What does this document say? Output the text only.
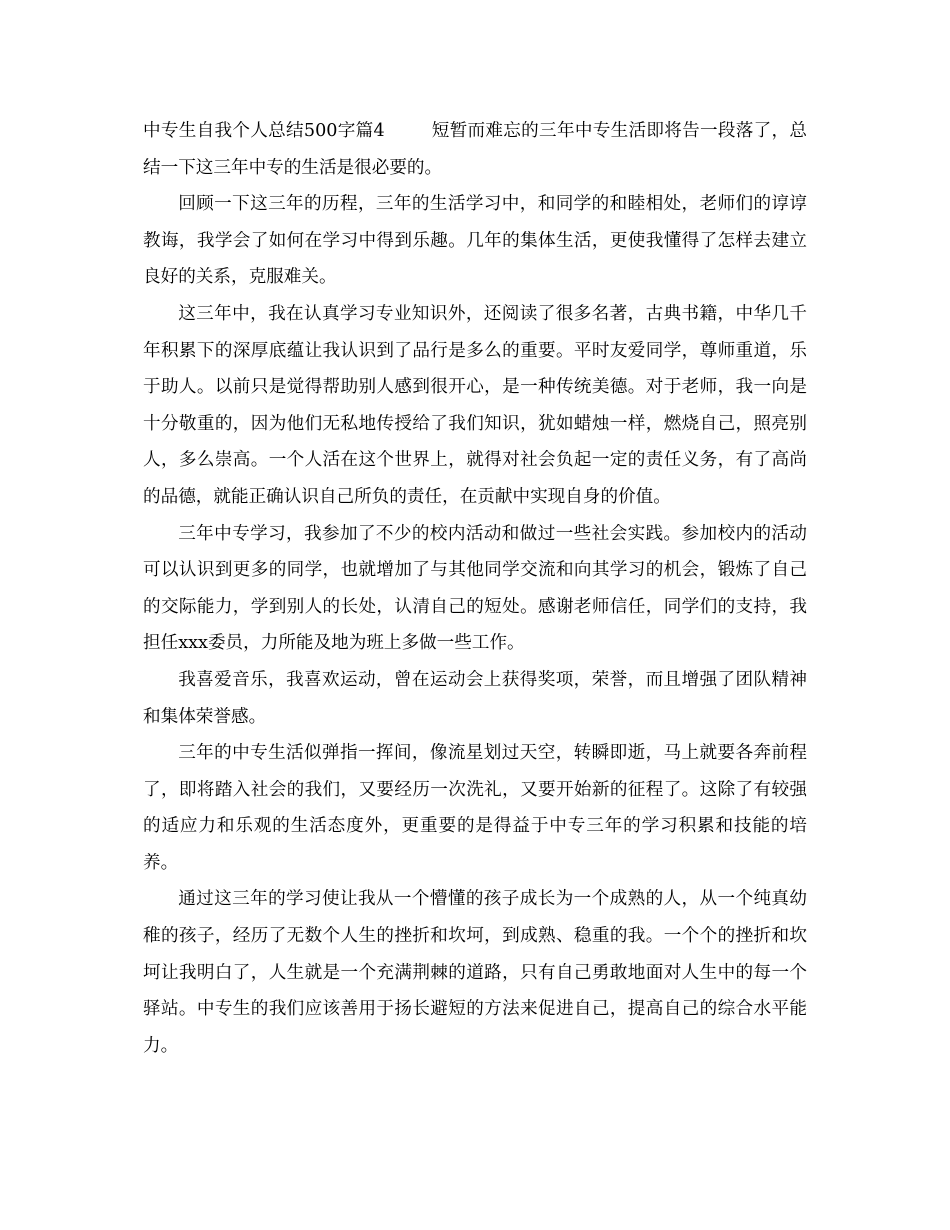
中专生自我个人总结500字篇4	短暂而难忘的三年中专生活即将告一段落了，总结一下这三年中专的生活是很必要的。

回顾一下这三年的历程，三年的生活学习中，和同学的和睦相处，老师们的谆谆教诲，我学会了如何在学习中得到乐趣。几年的集体生活，更使我懂得了怎样去建立良好的关系，克服难关。

这三年中，我在认真学习专业知识外，还阅读了很多名著，古典书籍，中华几千年积累下的深厚底蕴让我认识到了品行是多么的重要。平时友爱同学，尊师重道，乐于助人。以前只是觉得帮助别人感到很开心，是一种传统美德。对于老师，我一向是十分敬重的，因为他们无私地传授给了我们知识，犹如蜡烛一样，燃烧自己，照亮别人，多么崇高。一个人活在这个世界上，就得对社会负起一定的责任义务，有了高尚的品德，就能正确认识自己所负的责任，在贡献中实现自身的价值。

三年中专学习，我参加了不少的校内活动和做过一些社会实践。参加校内的活动可以认识到更多的同学，也就增加了与其他同学交流和向其学习的机会，锻炼了自己的交际能力，学到别人的长处，认清自己的短处。感谢老师信任，同学们的支持，我担任xxx委员，力所能及地为班上多做一些工作。

我喜爱音乐，我喜欢运动，曾在运动会上获得奖项，荣誉，而且增强了团队精神和集体荣誉感。

三年的中专生活似弹指一挥间，像流星划过天空，转瞬即逝，马上就要各奔前程了，即将踏入社会的我们，又要经历一次洗礼，又要开始新的征程了。这除了有较强的适应力和乐观的生活态度外，更重要的是得益于中专三年的学习积累和技能的培养。

通过这三年的学习使让我从一个懵懂的孩子成长为一个成熟的人，从一个纯真幼稚的孩子，经历了无数个人生的挫折和坎坷，到成熟、稳重的我。一个个的挫折和坎坷让我明白了，人生就是一个充满荆棘的道路，只有自己勇敢地面对人生中的每一个驿站。中专生的我们应该善用于扬长避短的方法来促进自己，提高自己的综合水平能力。
